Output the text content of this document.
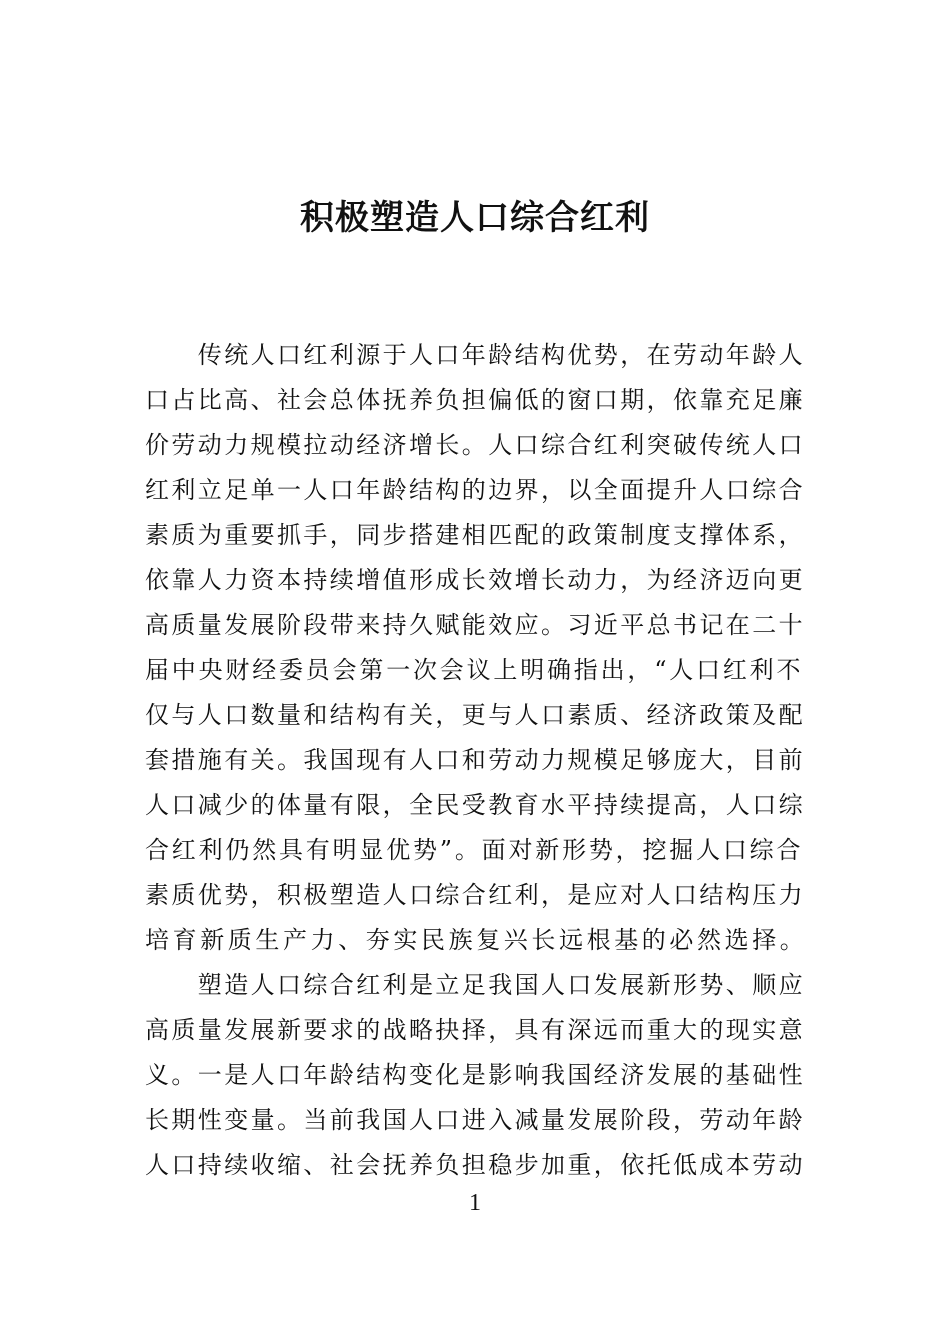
积极塑造人口综合红利
　　传统人口红利源于人口年龄结构优势，在劳动年龄人
口占比高、社会总体抚养负担偏低的窗口期，依靠充足廉
价劳动力规模拉动经济增长。人口综合红利突破传统人口
红利立足单一人口年龄结构的边界，以全面提升人口综合
素质为重要抓手，同步搭建相匹配的政策制度支撑体系，
依靠人力资本持续增值形成长效增长动力，为经济迈向更
高质量发展阶段带来持久赋能效应。习近平总书记在二十
届中央财经委员会第一次会议上明确指出，“人口红利不
仅与人口数量和结构有关，更与人口素质、经济政策及配
套措施有关。我国现有人口和劳动力规模足够庞大，目前
人口减少的体量有限，全民受教育水平持续提高，人口综
合红利仍然具有明显优势”。面对新形势，挖掘人口综合
素质优势，积极塑造人口综合红利，是应对人口结构压力
培育新质生产力、夯实民族复兴长远根基的必然选择。
　　塑造人口综合红利是立足我国人口发展新形势、顺应
高质量发展新要求的战略抉择，具有深远而重大的现实意
义。一是人口年龄结构变化是影响我国经济发展的基础性
长期性变量。当前我国人口进入减量发展阶段，劳动年龄
人口持续收缩、社会抚养负担稳步加重，依托低成本劳动
1
